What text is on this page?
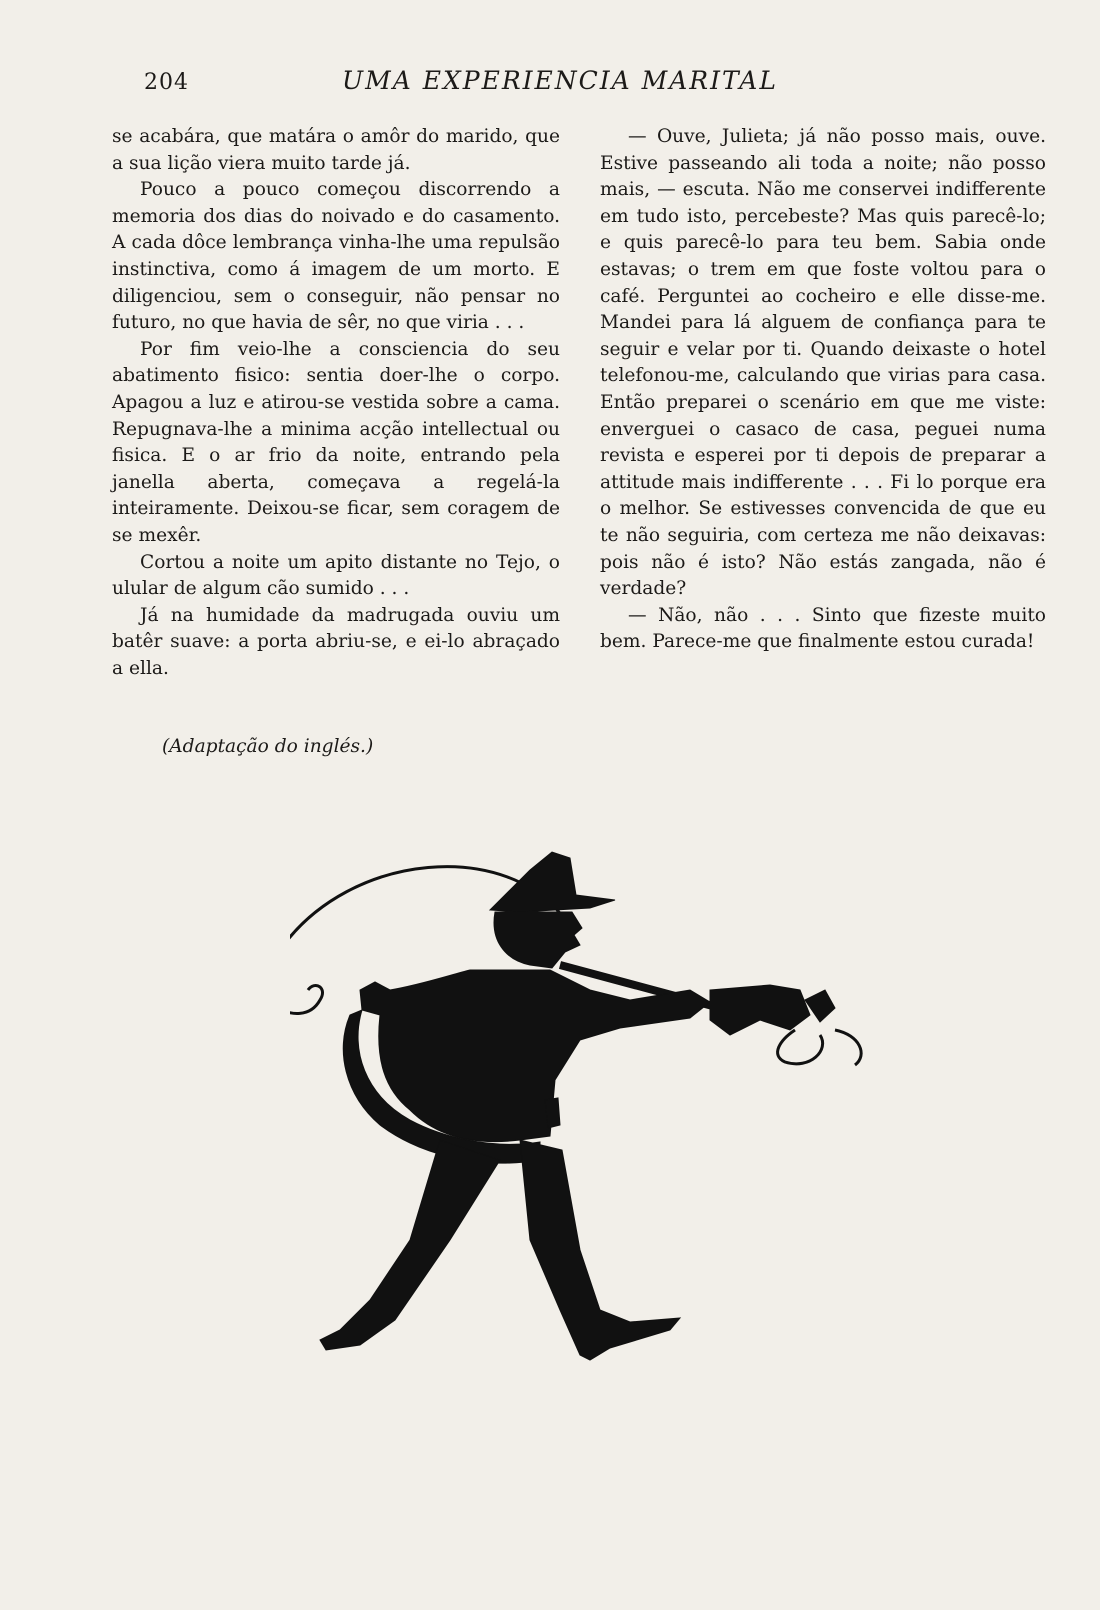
204	UMA EXPERIENCIA MARITAL

se acabára, que matára o amôr do marido, que a sua lição viera muito tarde já.

Pouco a pouco começou discorrendo a memoria dos dias do noivado e do casamento. A cada dôce lembrança vinha-lhe uma repulsão instinctiva, como á imagem de um morto. E diligenciou, sem o conseguir, não pensar no futuro, no que havia de sêr, no que viria . . .

Por fim veio-lhe a consciencia do seu abatimento fisico: sentia doer-lhe o corpo. Apagou a luz e atirou-se vestida sobre a cama. Repugnava-lhe a minima acção intellectual ou fisica. E o ar frio da noite, entrando pela janella aberta, começava a regelá-la inteiramente. Deixou-se ficar, sem coragem de se mexêr.

Cortou a noite um apito distante no Tejo, o ulular de algum cão sumido . . .

Já na humidade da madrugada ouviu um batêr suave: a porta abriu-se, e ei-lo abraçado a ella.

(Adaptação do inglés.)

— Ouve, Julieta; já não posso mais, ouve. Estive passeando ali toda a noite; não posso mais, — escuta. Não me conservei indifferente em tudo isto, percebeste? Mas quis parecê-lo; e quis parecê-lo para teu bem. Sabia onde estavas; o trem em que foste voltou para o café. Perguntei ao cocheiro e elle disse-me. Mandei para lá alguem de confiança para te seguir e velar por ti. Quando deixaste o hotel telefonou-me, calculando que virias para casa. Então preparei o scenário em que me viste: enverguei o casaco de casa, peguei numa revista e esperei por ti depois de preparar a attitude mais indifferente . . . Fi lo porque era o melhor. Se estivesses convencida de que eu te não seguiria, com certeza me não deixavas: pois não é isto? Não estás zangada, não é verdade?

— Não, não . . . Sinto que fizeste muito bem. Parece-me que finalmente estou curada!
